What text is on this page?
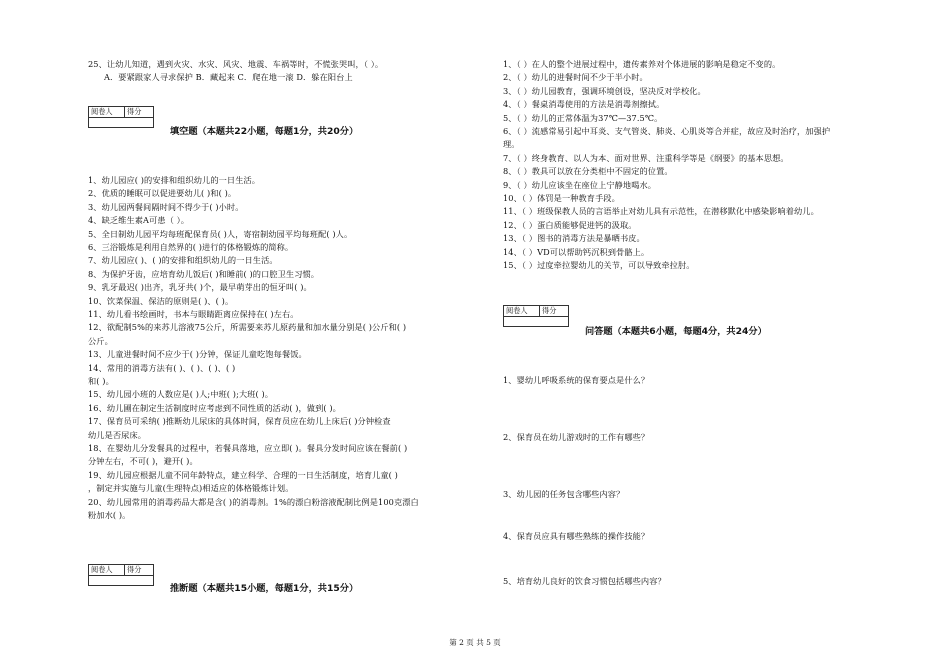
25、让幼儿知道，遇到火灾、水灾、风灾、地震、车祸等时，不慌张哭叫，（ ）。
A．要紧跟家人寻求保护 B．藏起来 C．爬在地一滚 D．躲在阳台上
阅卷人	得分
填空题（本题共22小题，每题1分，共20分）
1、幼儿园应( )的安排和组织幼儿的一日生活。
2、优质的睡眠可以促进要幼儿( )和( )。
3、幼儿园两餐间隔时间不得少于( )小时。
4、缺乏维生素A可患（ ）。
5、全日制幼儿园平均每班配保育员( )人，寄宿制幼园平均每班配( )人。
6、三浴锻炼是利用自然界的( )进行的体格锻炼的简称。
7、幼儿园应( )、( )的安排和组织幼儿的一日生活。
8、为保护牙齿，应培育幼儿饭后( )和睡前( )的口腔卫生习惯。
9、乳牙最迟( )出齐，乳牙共( )个，最早萌芽出的恒牙叫( )。
10、饮菜保温、保洁的原则是( )、( )。
11、幼儿看书绘画时，书本与眼睛距离应保持在( )左右。
12、欲配制5%的来苏儿溶液75公斤，所需要来苏儿原药量和加水量分别是( )公斤和( )
公斤。
13、儿童进餐时间不应少于( )分钟，保证儿童吃饱每餐饭。
14、常用的消毒方法有( )、( )、( )、( )
和( )。
15、幼儿园小班的人数应是( )人;中班( );大班( )。
16、幼儿圃在制定生活制度时应考虑到不同性质的活动( )，做到( )。
17、保育员可采纳( )推断幼儿尿床的具体时间，保育员应在幼儿上床后( )分钟检查
幼儿是否尿床。
18、在婴幼儿分发餐具的过程中，若餐具落地，应立即( )。餐具分发时间应该在餐前( )
分钟左右，不可( )，避开( )。
19、幼儿园应根据儿童不同年龄特点，建立科学、合理的一日生活制度，培育儿童( )
，制定并实施与儿童(生理特点)相适应的体格锻炼计划。
20、幼儿园常用的消毒药品大都是含( )的消毒剂。1%的漂白粉溶液配制比例是100克漂白
粉加水( )。
阅卷人	得分
推断题（本题共15小题，每题1分，共15分）
1、（ ）在人的整个进展过程中，遗传素养对个体进展的影响是稳定不变的。
2、（ ）幼儿的进餐时间不少于半小时。
3、（ ）幼儿园教育，强调环境创设，坚决反对学校化。
4、（ ）餐桌消毒使用的方法是消毒剂擦拭。
5、（ ）幼儿的正常体温为37℃—37.5℃。
6、（ ）流感常易引起中耳炎、支气管炎、肺炎、心肌炎等合并症，故应及时治疗，加强护
理。
7、（ ）终身教育、以人为本、面对世界、注重科学等是《纲要》的基本思想。
8、（ ）教具可以放在分类柜中不固定的位置。
9、（ ）幼儿应该坐在座位上宁静地喝水。
10、（ ）体罚是一种教育手段。
11、（ ）班级保教人员的言语举止对幼儿具有示范性，在潜移默化中感染影响着幼儿。
12、（ ）蛋白质能够促进钙的汲取。
13、（ ）图书的消毒方法是暴晒书皮。
14、（ ）VD可以帮助钙沉积到骨骼上。
15、（ ）过度牵拉婴幼儿的关节，可以导致牵拉肘。
阅卷人	得分
问答题（本题共6小题，每题4分，共24分）
1、婴幼儿呼吸系统的保育要点是什么？
2、保育员在幼儿游戏时的工作有哪些？
3、幼儿园的任务包含哪些内容？
4、保育员应具有哪些熟练的操作技能？
5、培育幼儿良好的饮食习惯包括哪些内容？
第 2 页 共 5 页
